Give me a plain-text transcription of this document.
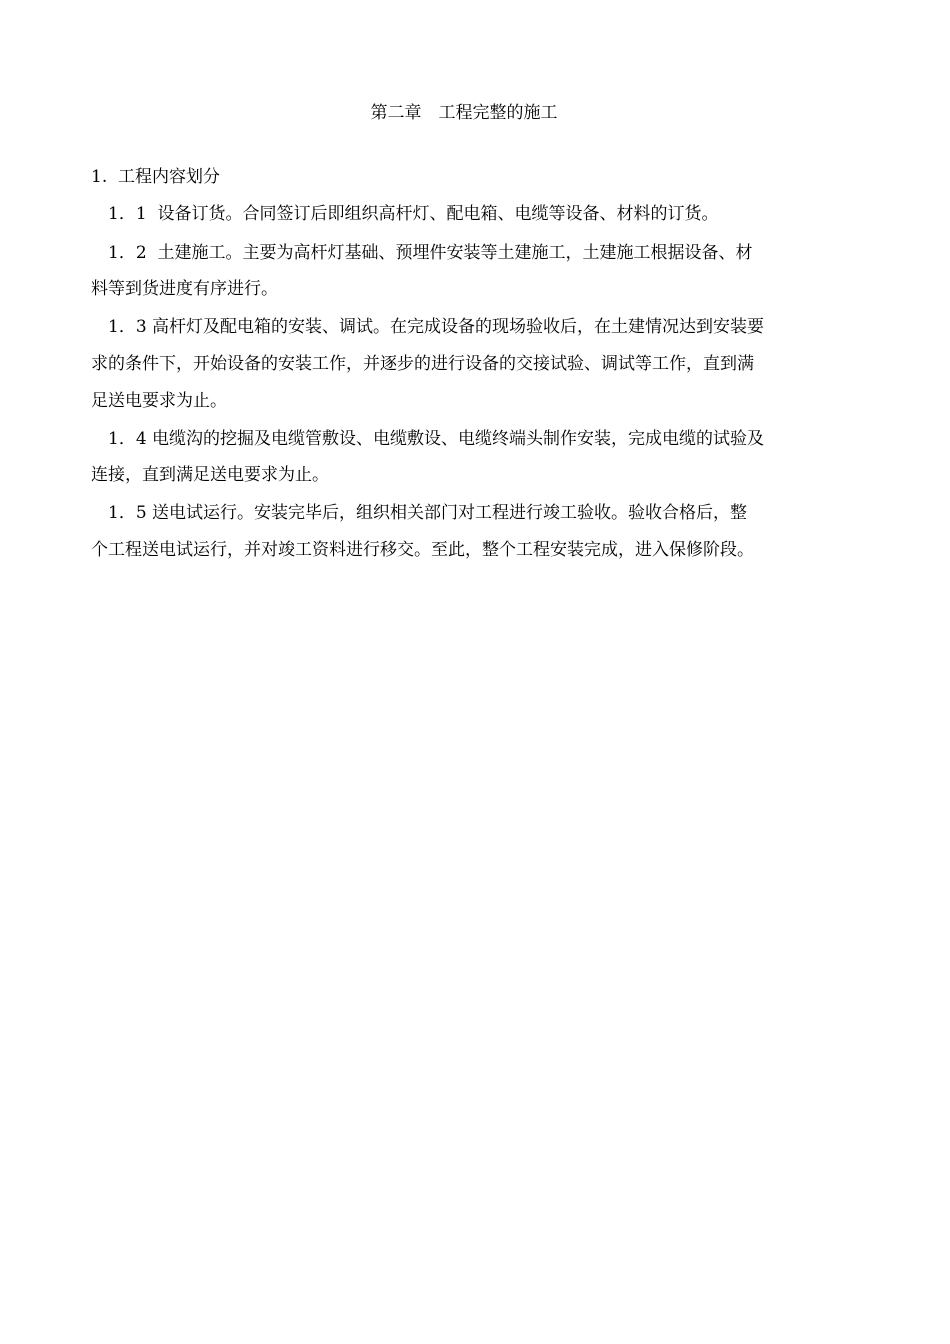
第二章　工程完整的施工
1.  工程内容划分
1．1  设备订货。合同签订后即组织高杆灯、配电箱、电缆等设备、材料的订货。
1．2  土建施工。主要为高杆灯基础、预埋件安装等土建施工，土建施工根据设备、材
料等到货进度有序进行。
1．3 高杆灯及配电箱的安装、调试。在完成设备的现场验收后，在土建情况达到安装要
求的条件下，开始设备的安装工作，并逐步的进行设备的交接试验、调试等工作，直到满
足送电要求为止。
1．4 电缆沟的挖掘及电缆管敷设、电缆敷设、电缆终端头制作安装，完成电缆的试验及
连接，直到满足送电要求为止。
1．5 送电试运行。安装完毕后，组织相关部门对工程进行竣工验收。验收合格后，整
个工程送电试运行，并对竣工资料进行移交。至此，整个工程安装完成，进入保修阶段。
